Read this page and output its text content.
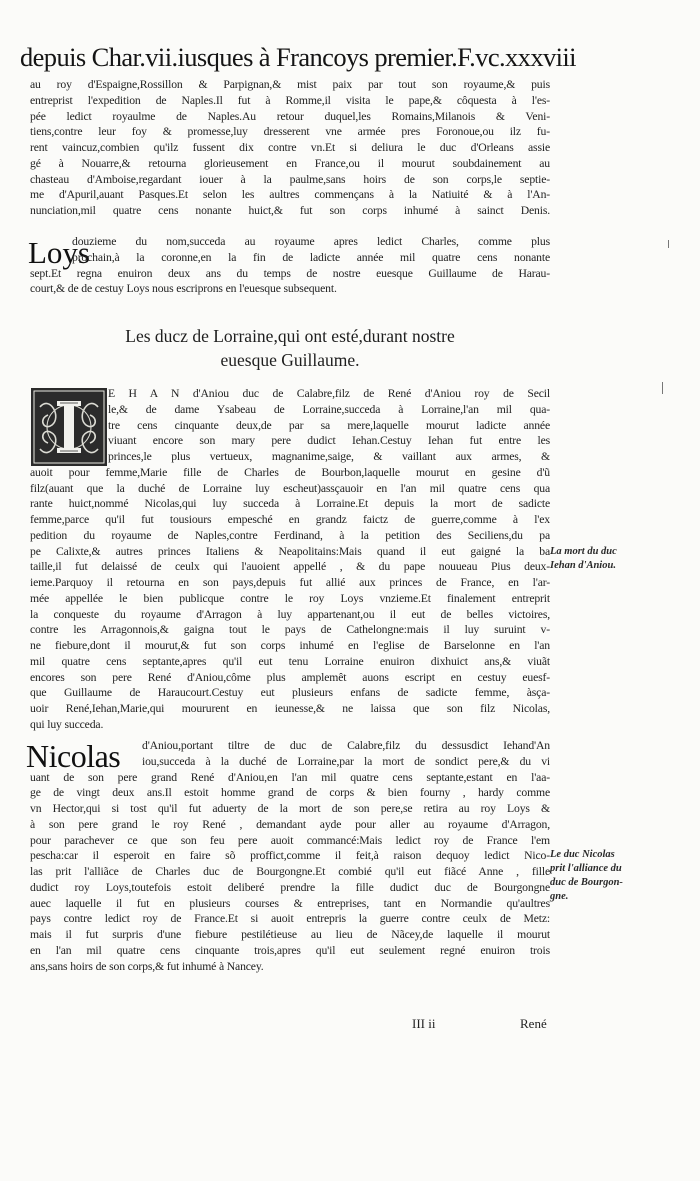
depuis Char.vii.iusques à Francoys premier.F.vc.xxxviii
au roy d'Espaigne,Rossillon & Parpignan,& mist paix par tout son royaume,& puis
entreprist l'expedition de Naples.Il fut à Romme,il visita le pape,& côquesta à l'es-
pée ledict royaulme de Naples.Au retour duquel,les Romains,Milanois & Veni-
tiens,contre leur foy & promesse,luy dresserent vne armée pres Foronoue,ou ilz fu-
rent vaincuz,combien qu'ilz fussent dix contre vn.Et si deliura le duc d'Orleans assie
gé à Nouarre,& retourna glorieusement en France,ou il mourut soubdainement au
chasteau d'Amboise,regardant iouer à la paulme,sans hoirs de son corps,le septie-
me d'Apuril,auant Pasques.Et selon les aultres commençans à la Natiuité & à l'An-
nunciation,mil quatre cens nonante huict,& fut son corps inhumé à sainct Denis.
Loys
douzieme du nom,succeda au royaume apres ledict Charles, comme plus
prochain,à la coronne,en la fin de ladicte année mil quatre cens nonante
sept.Et regna enuiron deux ans du temps de nostre euesque Guillaume de Harau-
court,& de de cestuy Loys nous escriprons en l'euesque subsequent.
Les ducz de Lorraine,qui ont esté,durant nostre
euesque Guillaume.
E H A N d'Aniou duc de Calabre,filz de René d'Aniou roy de Secil
le,& de dame Ysabeau de Lorraine,succeda à Lorraine,l'an mil qua-
tre cens cinquante deux,de par sa mere,laquelle mourut ladicte année
viuant encore son mary pere dudict Iehan.Cestuy Iehan fut entre les
princes,le plus vertueux, magnanime,saige, & vaillant aux armes, &
auoit pour femme,Marie fille de Charles de Bourbon,laquelle mourut en gesine d'ũ
filz(auant que la duché de Lorraine luy escheut)assçauoir en l'an mil quatre cens qua
rante huict,nommé Nicolas,qui luy succeda à Lorraine.Et depuis la mort de sadicte
femme,parce qu'il fut tousiours empesché en grandz faictz de guerre,comme à l'ex
pedition du royaume de Naples,contre Ferdinand, à la petition des Seciliens,du pa
pe Calixte,& autres princes Italiens & Neapolitains:Mais quand il eut gaigné la ba
taille,il fut delaissé de ceulx qui l'auoient appellé , & du pape nouueau Pius deux-
ieme.Parquoy il retourna en son pays,depuis fut allié aux princes de France, en l'ar-
mée appellée le bien publicque contre le roy Loys vnzieme.Et finalement entreprit
la conqueste du royaume d'Arragon à luy appartenant,ou il eut de belles victoires,
contre les Arragonnois,& gaigna tout le pays de Cathelongne:mais il luy suruint v-
ne fiebure,dont il mourut,& fut son corps inhumé en l'eglise de Barselonne en l'an
mil quatre cens septante,apres qu'il eut tenu Lorraine enuiron dixhuict ans,& viuãt
encores son pere René d'Aniou,côme plus amplemêt auons escript en cestuy euesf-
que Guillaume de Haraucourt.Cestuy eut plusieurs enfans de sadicte femme, àsça-
uoir René,Iehan,Marie,qui moururent en ieunesse,& ne laissa que son filz Nicolas,
qui luy succeda.
Nicolas	d'Aniou,portant tiltre de duc de Calabre,filz du dessusdict Iehand'An
iou,succeda à la duché de Lorraine,par la mort de sondict pere,& du vi
uant de son pere grand René d'Aniou,en l'an mil quatre cens septante,estant en l'aa-
ge de vingt deux ans.Il estoit homme grand de corps & bien fourny , hardy comme
vn Hector,qui si tost qu'il fut aduerty de la mort de son pere,se retira au roy Loys &
à son pere grand le roy René , demandant ayde pour aller au royaume d'Arragon,
pour parachever ce que son feu pere auoit commancé:Mais ledict roy de France l'em
pescha:car il esperoit en faire sõ proffict,comme il feit,à raison dequoy ledict Nico-
las prit l'alliãce de Charles duc de Bourgongne.Et combié qu'il eut fiãcé Anne , fille
dudict roy Loys,toutefois estoit deliberé prendre la fille dudict duc de Bourgongne
auec laquelle il fut en plusieurs courses & entreprises, tant en Normandie qu'aultres
pays contre ledict roy de France.Et si auoit entrepris la guerre contre ceulx de Metz:
mais il fut surpris d'une fiebure pestilétieuse au lieu de Nãcey,de laquelle il mourut
en l'an mil quatre cens cinquante trois,apres qu'il eut seulement regné enuiron trois
ans,sans hoirs de son corps,& fut inhumé à Nancey.
La mort du duc
Iehan d'Aniou.
Le duc Nicolas
prit l'alliance du
duc de Bourgon-
gne.
III ii	René
